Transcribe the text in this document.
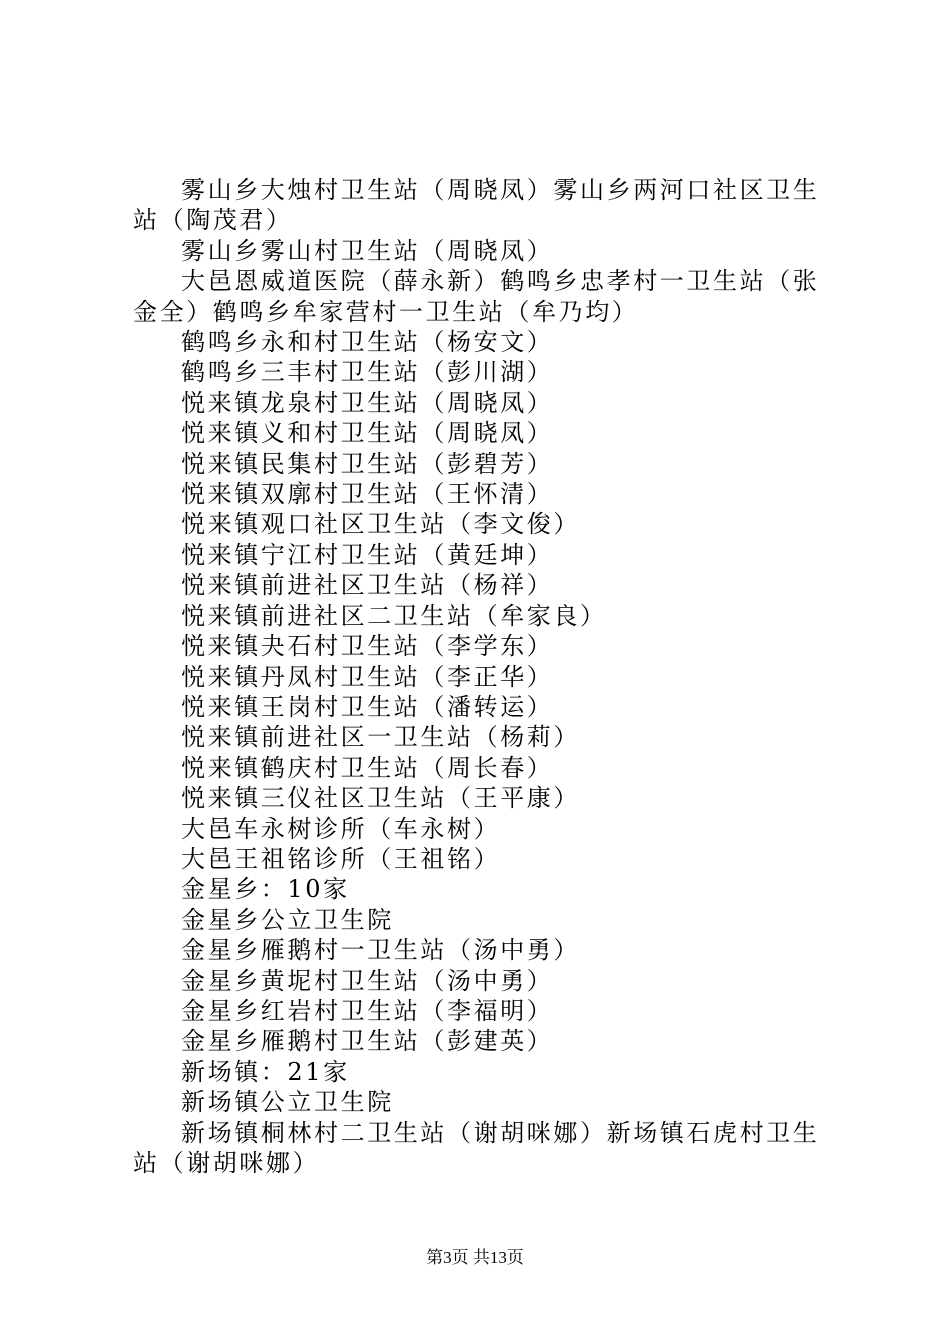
雾山乡大烛村卫生站（周晓凤）雾山乡两河口社区卫生站（陶茂君）

雾山乡雾山村卫生站（周晓凤）

大邑恩威道医院（薛永新）鹤鸣乡忠孝村一卫生站（张金全）鹤鸣乡牟家营村一卫生站（牟乃均）

鹤鸣乡永和村卫生站（杨安文）

鹤鸣乡三丰村卫生站（彭川湖）

悦来镇龙泉村卫生站（周晓凤）

悦来镇义和村卫生站（周晓凤）

悦来镇民集村卫生站（彭碧芳）

悦来镇双廓村卫生站（王怀清）

悦来镇观口社区卫生站（李文俊）

悦来镇宁江村卫生站（黄廷坤）

悦来镇前进社区卫生站（杨祥）

悦来镇前进社区二卫生站（牟家良）

悦来镇夬石村卫生站（李学东）

悦来镇丹凤村卫生站（李正华）

悦来镇王岗村卫生站（潘转运）

悦来镇前进社区一卫生站（杨莉）

悦来镇鹤庆村卫生站（周长春）

悦来镇三仪社区卫生站（王平康）

大邑车永树诊所（车永树）

大邑王祖铭诊所（王祖铭）

金星乡：10家

金星乡公立卫生院

金星乡雁鹅村一卫生站（汤中勇）

金星乡黄坭村卫生站（汤中勇）

金星乡红岩村卫生站（李福明）

金星乡雁鹅村卫生站（彭建英）

新场镇：21家

新场镇公立卫生院

新场镇桐林村二卫生站（谢胡咪娜）新场镇石虎村卫生站（谢胡咪娜）

第3页 共13页
